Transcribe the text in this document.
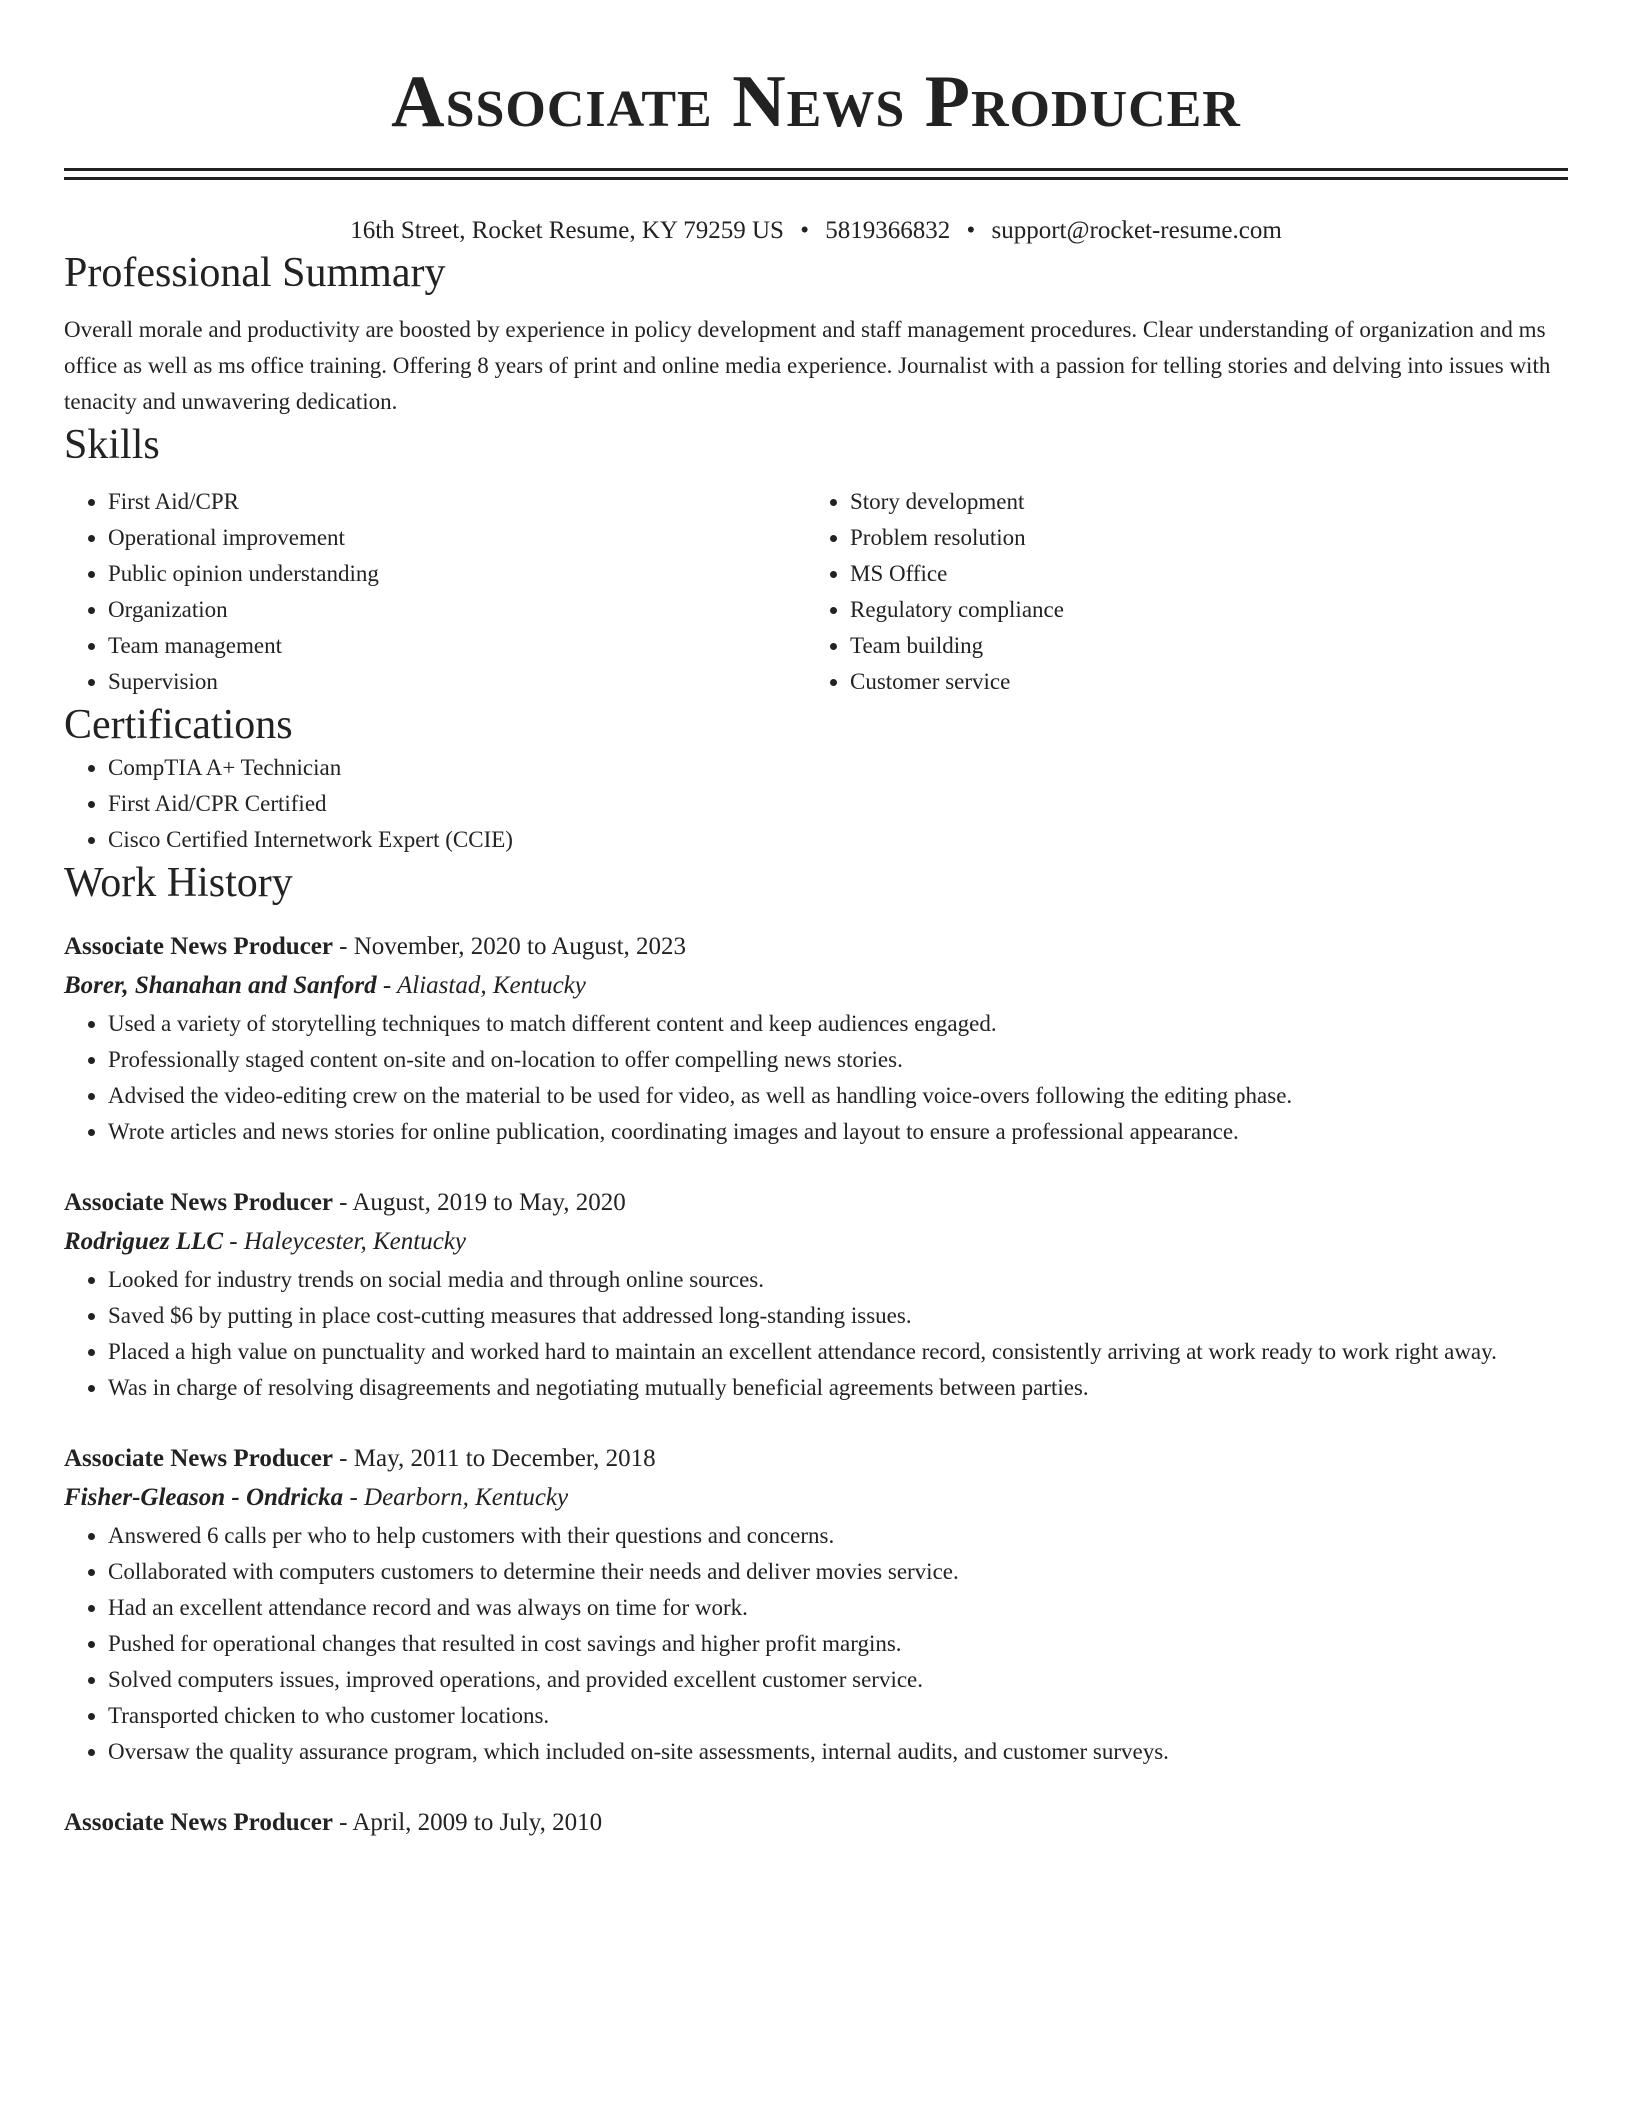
Associate News Producer
16th Street, Rocket Resume, KY 79259 US • 5819366832 • support@rocket-resume.com
Professional Summary
Overall morale and productivity are boosted by experience in policy development and staff management procedures. Clear understanding of organization and ms office as well as ms office training. Offering 8 years of print and online media experience. Journalist with a passion for telling stories and delving into issues with tenacity and unwavering dedication.
Skills
• First Aid/CPR
• Operational improvement
• Public opinion understanding
• Organization
• Team management
• Supervision
• Story development
• Problem resolution
• MS Office
• Regulatory compliance
• Team building
• Customer service
Certifications
• CompTIA A+ Technician
• First Aid/CPR Certified
• Cisco Certified Internetwork Expert (CCIE)
Work History
Associate News Producer - November, 2020 to August, 2023
Borer, Shanahan and Sanford - Aliastad, Kentucky
• Used a variety of storytelling techniques to match different content and keep audiences engaged.
• Professionally staged content on-site and on-location to offer compelling news stories.
• Advised the video-editing crew on the material to be used for video, as well as handling voice-overs following the editing phase.
• Wrote articles and news stories for online publication, coordinating images and layout to ensure a professional appearance.
Associate News Producer - August, 2019 to May, 2020
Rodriguez LLC - Haleycester, Kentucky
• Looked for industry trends on social media and through online sources.
• Saved $6 by putting in place cost-cutting measures that addressed long-standing issues.
• Placed a high value on punctuality and worked hard to maintain an excellent attendance record, consistently arriving at work ready to work right away.
• Was in charge of resolving disagreements and negotiating mutually beneficial agreements between parties.
Associate News Producer - May, 2011 to December, 2018
Fisher-Gleason - Ondricka - Dearborn, Kentucky
• Answered 6 calls per who to help customers with their questions and concerns.
• Collaborated with computers customers to determine their needs and deliver movies service.
• Had an excellent attendance record and was always on time for work.
• Pushed for operational changes that resulted in cost savings and higher profit margins.
• Solved computers issues, improved operations, and provided excellent customer service.
• Transported chicken to who customer locations.
• Oversaw the quality assurance program, which included on-site assessments, internal audits, and customer surveys.
Associate News Producer - April, 2009 to July, 2010
